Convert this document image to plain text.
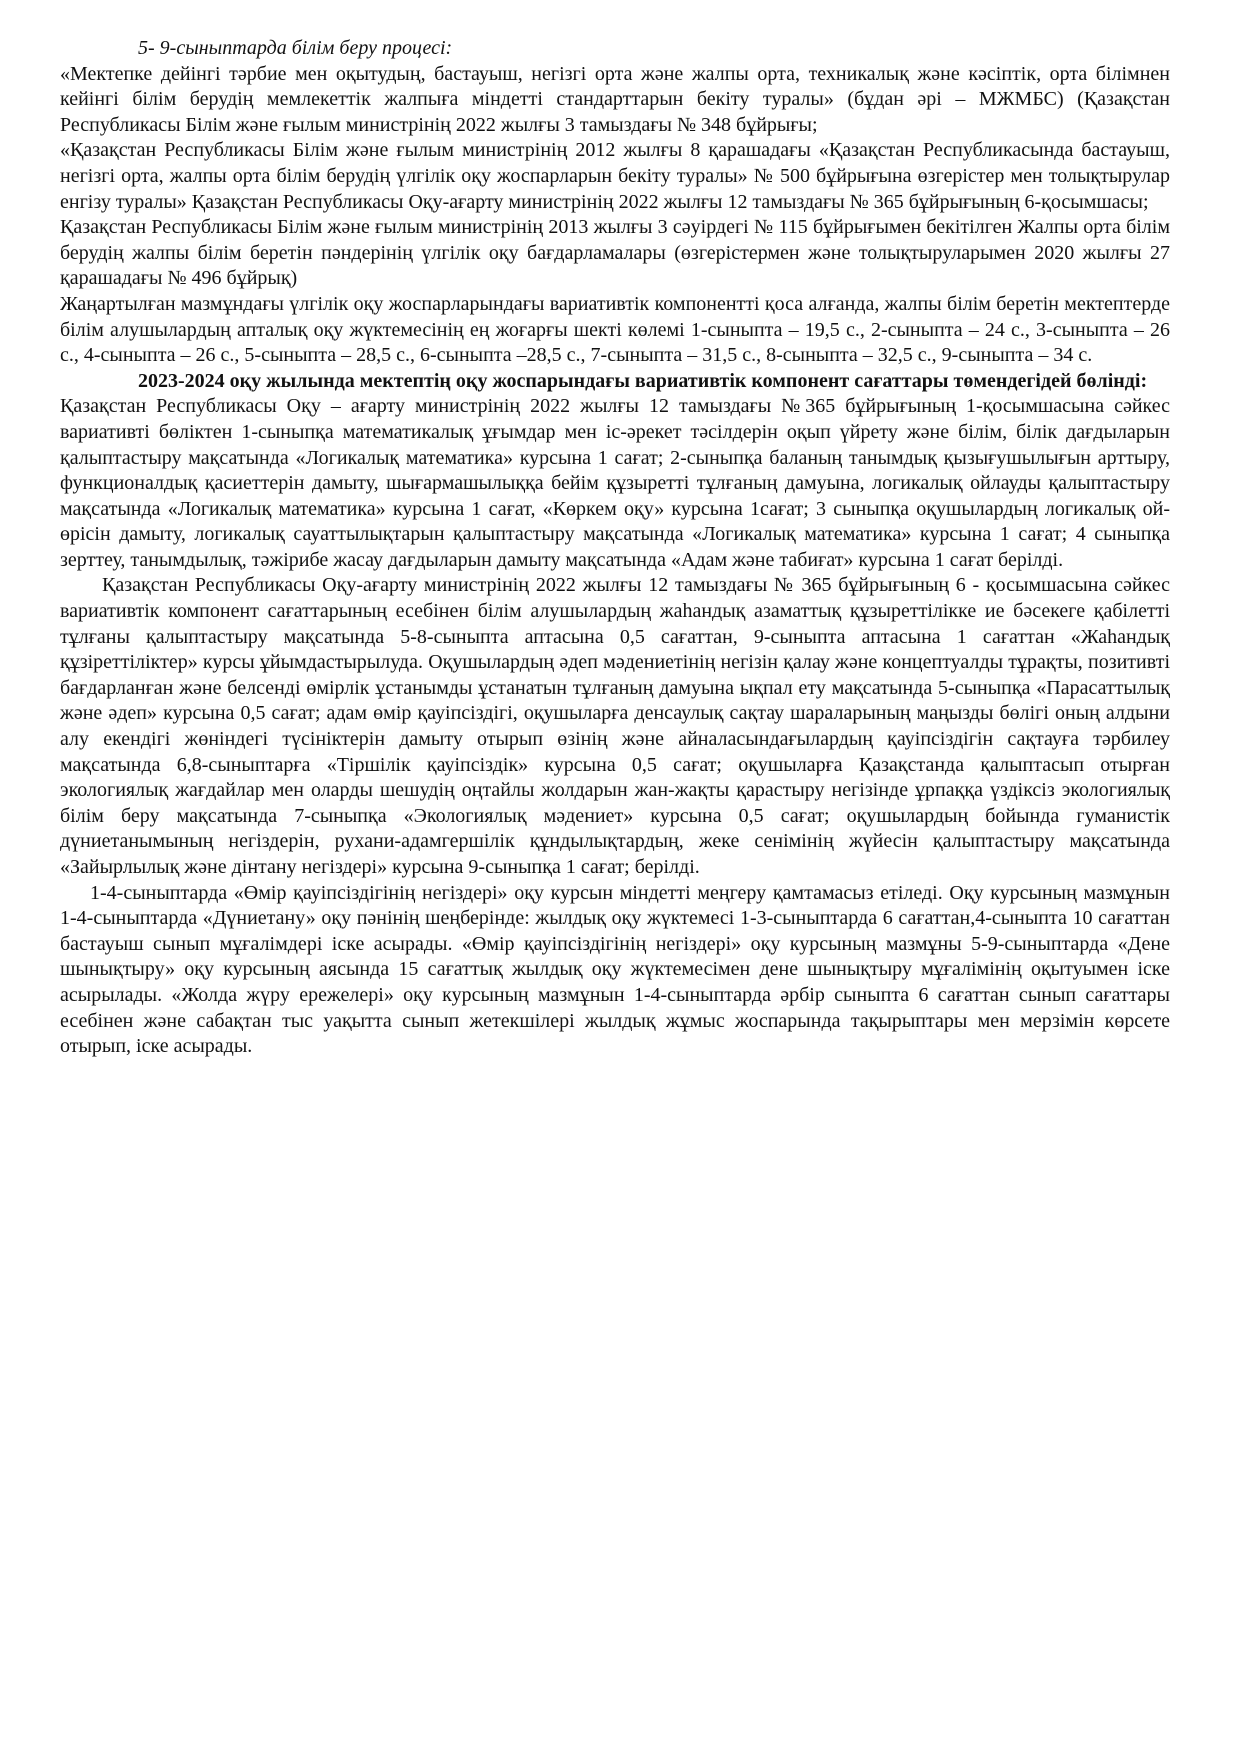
5- 9-сыныптарда білім беру процесі:

«Мектепке дейінгі тәрбие мен оқытудың, бастауыш, негізгі орта және жалпы орта, техникалық және кәсіптік, орта білімнен кейінгі білім берудің мемлекеттік жалпыға міндетті стандарттарын бекіту туралы» (бұдан әрі – МЖМБС) (Қазақстан Республикасы Білім және ғылым министрінің 2022 жылғы 3 тамыздағы № 348 бұйрығы;

«Қазақстан Республикасы Білім және ғылым министрінің 2012 жылғы 8 қарашадағы «Қазақстан Республикасында бастауыш, негізгі орта, жалпы орта білім берудің үлгілік оқу жоспарларын бекіту туралы» № 500 бұйрығына өзгерістер мен толықтырулар енгізу туралы» Қазақстан Республикасы Оқу-ағарту министрінің 2022 жылғы 12 тамыздағы № 365 бұйрығының 6-қосымшасы;

Қазақстан Республикасы Білім және ғылым министрінің 2013 жылғы 3 сәуірдегі № 115 бұйрығымен бекітілген Жалпы орта білім берудің жалпы білім беретін пәндерінің үлгілік оқу бағдарламалары (өзгерістермен және толықтыруларымен 2020 жылғы 27 қарашадағы № 496 бұйрық)

Жаңартылған мазмұндағы үлгілік оқу жоспарларындағы вариативтік компонентті қоса алғанда, жалпы білім беретін мектептерде білім алушылардың апталық оқу жүктемесінің ең жоғарғы шекті көлемі 1-сыныпта – 19,5 с., 2-сыныпта – 24 с., 3-сыныпта – 26 с., 4-сыныпта – 26 с., 5-сыныпта – 28,5 с., 6-сыныпта –28,5 с., 7-сыныпта – 31,5 с., 8-сыныпта – 32,5 с., 9-сыныпта – 34 с.

2023-2024 оқу жылында мектептің оқу жоспарындағы вариативтік компонент сағаттары төмендегідей бөлінді:

Қазақстан Республикасы Оқу – ағарту министрінің 2022 жылғы 12 тамыздағы №365 бұйрығының 1-қосымшасына сәйкес вариативті бөліктен 1-сыныпқа математикалық ұғымдар мен іс-әрекет тәсілдерін оқып үйрету және білім, білік дағдыларын қалыптастыру мақсатында «Логикалық математика» курсына 1 сағат; 2-сыныпқа баланың танымдық қызығушылығын арттыру, функционалдық қасиеттерін дамыту, шығармашылыққа бейім құзыретті тұлғаның дамуына, логикалық ойлауды қалыптастыру мақсатында «Логикалық математика» курсына 1 сағат, «Көркем оқу» курсына 1сағат; 3 сыныпқа оқушылардың логикалық ой-өрісін дамыту, логикалық сауаттылықтарын қалыптастыру мақсатында «Логикалық математика» курсына 1 сағат; 4 сыныпқа зерттеу, танымдылық, тәжірибе жасау дағдыларын дамыту мақсатында «Адам және табиғат» курсына 1 сағат берілді.

Қазақстан Республикасы Оқу-ағарту министрінің 2022 жылғы 12 тамыздағы № 365 бұйрығының 6 - қосымшасына сәйкес вариативтік компонент сағаттарының есебінен білім алушылардың жаһандық азаматтық құзыреттілікке ие бәсекеге қабілетті тұлғаны қалыптастыру мақсатында 5-8-сыныпта аптасына 0,5 сағаттан, 9-сыныпта аптасына 1 сағаттан «Жаһандық құзіреттіліктер» курсы ұйымдастырылуда. Оқушылардың әдеп мәдениетінің негізін қалау және концептуалды тұрақты, позитивті бағдарланған және белсенді өмірлік ұстанымды ұстанатын тұлғаның дамуына ықпал ету мақсатында 5-сыныпқа «Парасаттылық және әдеп» курсына 0,5 сағат; адам өмір қауіпсіздігі, оқушыларға денсаулық сақтау шараларының маңызды бөлігі оның алдыни алу екендігі жөніндегі түсініктерін дамыту отырып өзінің және айналасындағылардың қауіпсіздігін сақтауға тәрбилеу мақсатында 6,8-сыныптарға «Тіршілік қауіпсіздік» курсына 0,5 сағат; оқушыларға Қазақстанда қалыптасып отырған экологиялық жағдайлар мен оларды шешудің оңтайлы жолдарын жан-жақты қарастыру негізінде ұрпаққа үздіксіз экологиялық білім беру мақсатында 7-сыныпқа «Экологиялық мәдениет» курсына 0,5 сағат; оқушылардың бойында гуманистік дүниетанымының негіздерін, рухани-адамгершілік құндылықтардың, жеке сенімінің жүйесін қалыптастыру мақсатында «Зайырлылық және дінтану негіздері» курсына 9-сыныпқа 1 сағат; берілді.

1-4-сыныптарда «Өмір қауіпсіздігінің негіздері» оқу курсын міндетті меңгеру қамтамасыз етіледі. Оқу курсының мазмұнын 1-4-сыныптарда «Дүниетану» оқу пәнінің шеңберінде: жылдық оқу жүктемесі 1-3-сыныптарда 6 сағаттан,4-сыныпта 10 сағаттан бастауыш сынып мұғалімдері іске асырады. «Өмір қауіпсіздігінің негіздері» оқу курсының мазмұны 5-9-сыныптарда «Дене шынықтыру» оқу курсының аясында 15 сағаттық жылдық оқу жүктемесімен дене шынықтыру мұғалімінің оқытуымен іске асырылады. «Жолда жүру ережелері» оқу курсының мазмұнын 1-4-сыныптарда әрбір сыныпта 6 сағаттан сынып сағаттары есебінен және сабақтан тыс уақытта сынып жетекшілері жылдық жұмыс жоспарында тақырыптары мен мерзімін көрсете отырып, іске асырады.
